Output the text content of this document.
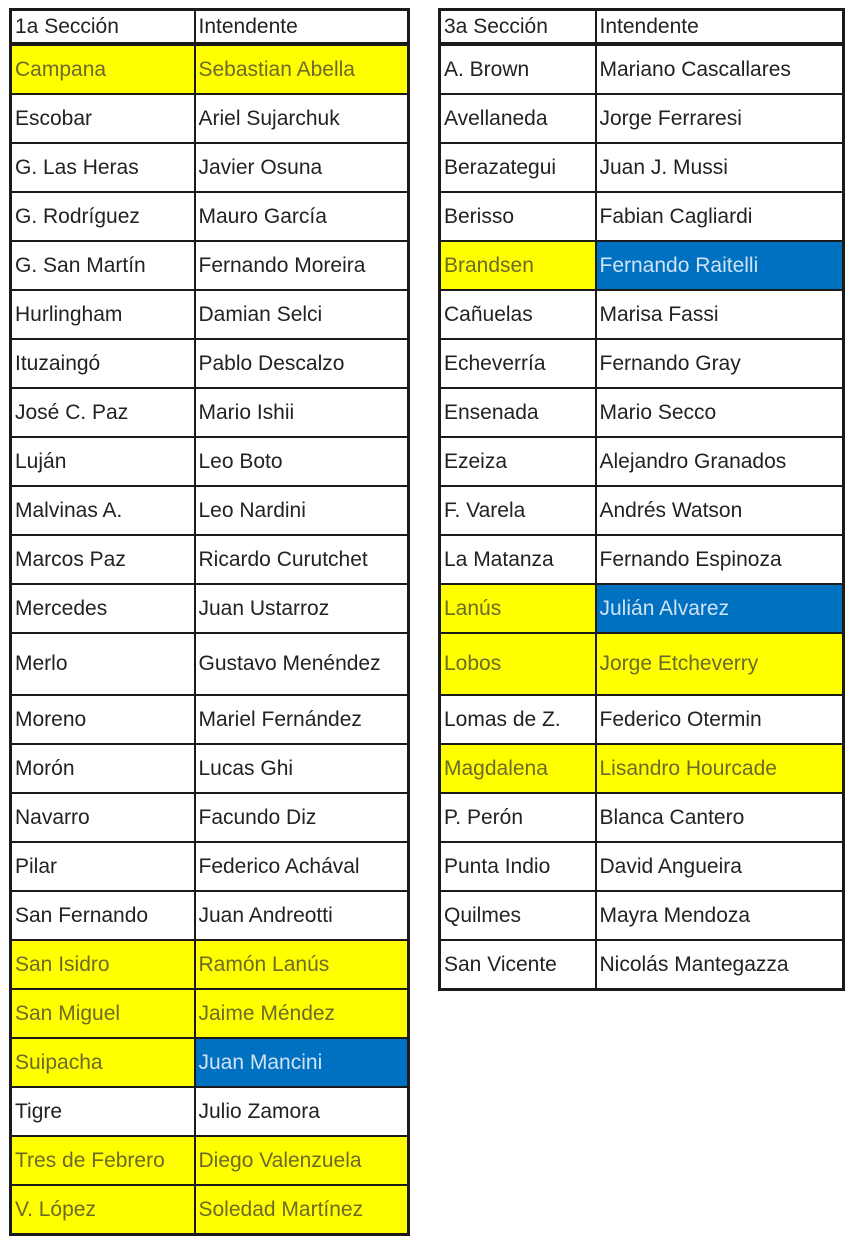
1a Sección	Intendente
Campana	Sebastian Abella
Escobar	Ariel Sujarchuk
G. Las Heras	Javier Osuna
G. Rodríguez	Mauro García
G. San Martín	Fernando Moreira
Hurlingham	Damian Selci
Ituzaingó	Pablo Descalzo
José C. Paz	Mario Ishii
Luján	Leo Boto
Malvinas A.	Leo Nardini
Marcos Paz	Ricardo Curutchet
Mercedes	Juan Ustarroz
Merlo	Gustavo Menéndez
Moreno	Mariel Fernández
Morón	Lucas Ghi
Navarro	Facundo Diz
Pilar	Federico Achával
San Fernando	Juan Andreotti
San Isidro	Ramón Lanús
San Miguel	Jaime Méndez
Suipacha	Juan Mancini
Tigre	Julio Zamora
Tres de Febrero	Diego Valenzuela
V. López	Soledad Martínez
3a Sección	Intendente
A. Brown	Mariano Cascallares
Avellaneda	Jorge Ferraresi
Berazategui	Juan J. Mussi
Berisso	Fabian Cagliardi
Brandsen	Fernando Raitelli
Cañuelas	Marisa Fassi
Echeverría	Fernando Gray
Ensenada	Mario Secco
Ezeiza	Alejandro Granados
F. Varela	Andrés Watson
La Matanza	Fernando Espinoza
Lanús	Julián Alvarez
Lobos	Jorge Etcheverry
Lomas de Z.	Federico Otermin
Magdalena	Lisandro Hourcade
P. Perón	Blanca Cantero
Punta Indio	David Angueira
Quilmes	Mayra Mendoza
San Vicente	Nicolás Mantegazza
